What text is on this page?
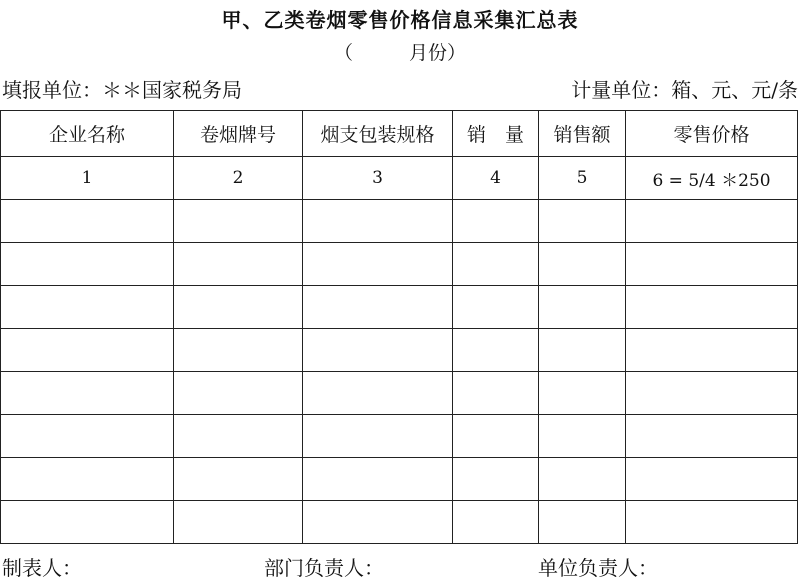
甲、乙类卷烟零售价格信息采集汇总表
（	月份）
填报单位：＊＊国家税务局	计量单位：箱、元、元/条
企业名称	卷烟牌号	烟支包装规格	销　量	销售额	零售价格
1	2	3	4	5	6 = 5/4 ＊250

制表人：	部门负责人：	单位负责人：
